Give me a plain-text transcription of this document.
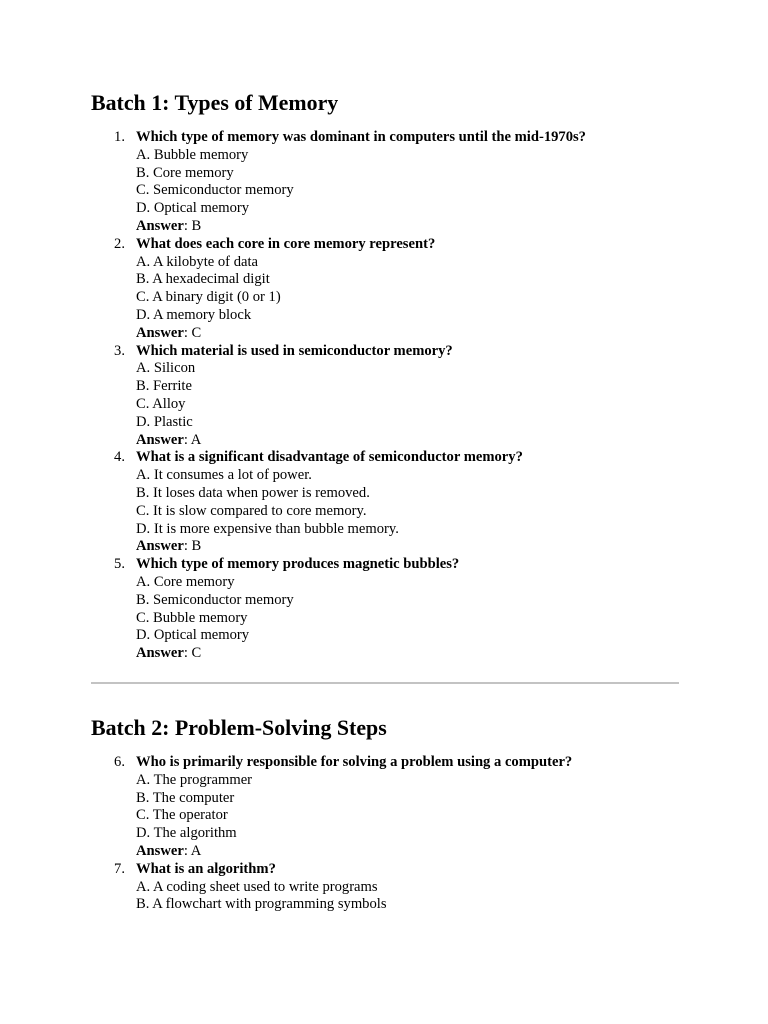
Batch 1: Types of Memory
1. Which type of memory was dominant in computers until the mid-1970s?
A. Bubble memory
B. Core memory
C. Semiconductor memory
D. Optical memory
Answer: B
2. What does each core in core memory represent?
A. A kilobyte of data
B. A hexadecimal digit
C. A binary digit (0 or 1)
D. A memory block
Answer: C
3. Which material is used in semiconductor memory?
A. Silicon
B. Ferrite
C. Alloy
D. Plastic
Answer: A
4. What is a significant disadvantage of semiconductor memory?
A. It consumes a lot of power.
B. It loses data when power is removed.
C. It is slow compared to core memory.
D. It is more expensive than bubble memory.
Answer: B
5. Which type of memory produces magnetic bubbles?
A. Core memory
B. Semiconductor memory
C. Bubble memory
D. Optical memory
Answer: C
Batch 2: Problem-Solving Steps
6. Who is primarily responsible for solving a problem using a computer?
A. The programmer
B. The computer
C. The operator
D. The algorithm
Answer: A
7. What is an algorithm?
A. A coding sheet used to write programs
B. A flowchart with programming symbols
